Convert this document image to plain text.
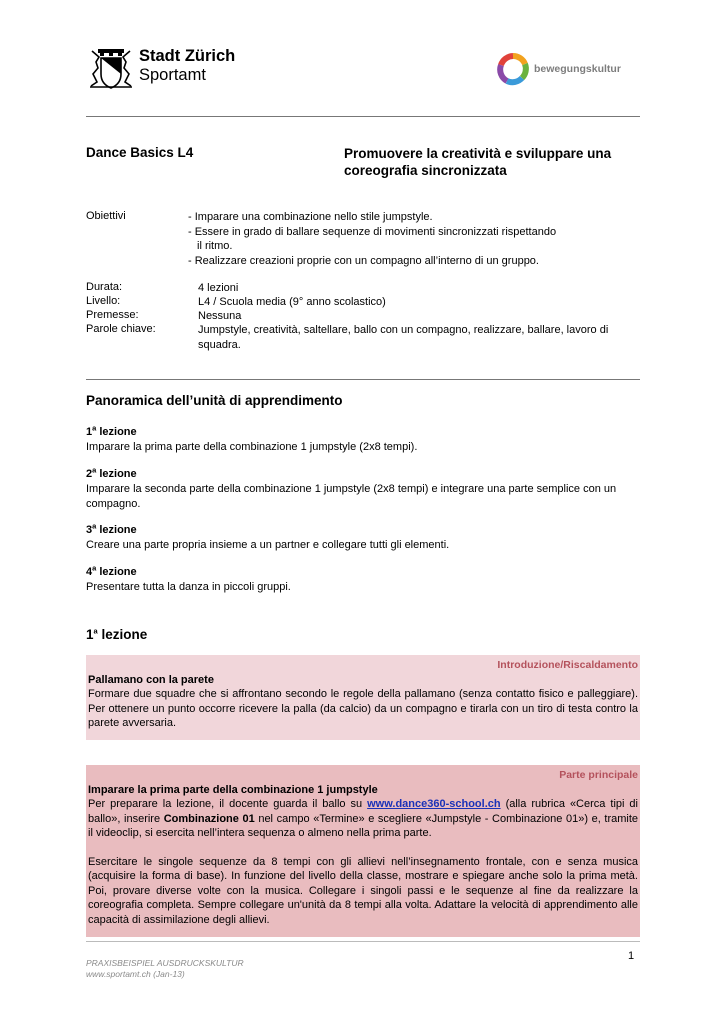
Stadt Zürich
Sportamt	bewegungskultur
Dance Basics L4	Promuovere la creatività e sviluppare una coreografia sincronizzata
Obiettivi	- Imparare una combinazione nello stile jumpstyle.
- Essere in grado di ballare sequenze di movimenti sincronizzati rispettando
il ritmo.
- Realizzare creazioni proprie con un compagno all’interno di un gruppo.
Durata:	4 lezioni
Livello:	L4 / Scuola media (9° anno scolastico)
Premesse:	Nessuna
Parole chiave:	Jumpstyle, creatività, saltellare, ballo con un compagno, realizzare, ballare, lavoro di squadra.
Panoramica dell’unità di apprendimento
1$^a$ lezione
Imparare la prima parte della combinazione 1 jumpstyle (2x8 tempi).
2$^a$ lezione
Imparare la seconda parte della combinazione 1 jumpstyle (2x8 tempi) e integrare una parte semplice con un compagno.
3$^a$ lezione
Creare una parte propria insieme a un partner e collegare tutti gli elementi.
4$^a$ lezione
Presentare tutta la danza in piccoli gruppi.
1$^a$ lezione
Introduzione/Riscaldamento
Pallamano con la parete
Formare due squadre che si affrontano secondo le regole della pallamano (senza contatto fisico e palleggiare). Per ottenere un punto occorre ricevere la palla (da calcio) da un compagno e tirarla con un tiro di testa contro la parete avversaria.
Parte principale
Imparare la prima parte della combinazione 1 jumpstyle
Per preparare la lezione, il docente guarda il ballo su www.dance360-school.ch (alla rubrica «Cerca tipi di ballo», inserire Combinazione 01 nel campo «Termine» e scegliere «Jumpstyle - Combinazione 01») e, tramite il videoclip, si esercita nell’intera sequenza o almeno nella prima parte.
Esercitare le singole sequenze da 8 tempi con gli allievi nell’insegnamento frontale, con e senza musica (acquisire la forma di base). In funzione del livello della classe, mostrare e spiegare anche solo la prima metà. Poi, provare diverse volte con la musica. Collegare i singoli passi e le sequenze al fine da realizzare la coreografia completa. Sempre collegare un'unità da 8 tempi alla volta. Adattare la velocità di apprendimento alle capacità di assimilazione degli allievi.
PRAXISBEISPIEL AUSDRUCKSKULTUR
www.sportamt.ch (Jan-13)
1
